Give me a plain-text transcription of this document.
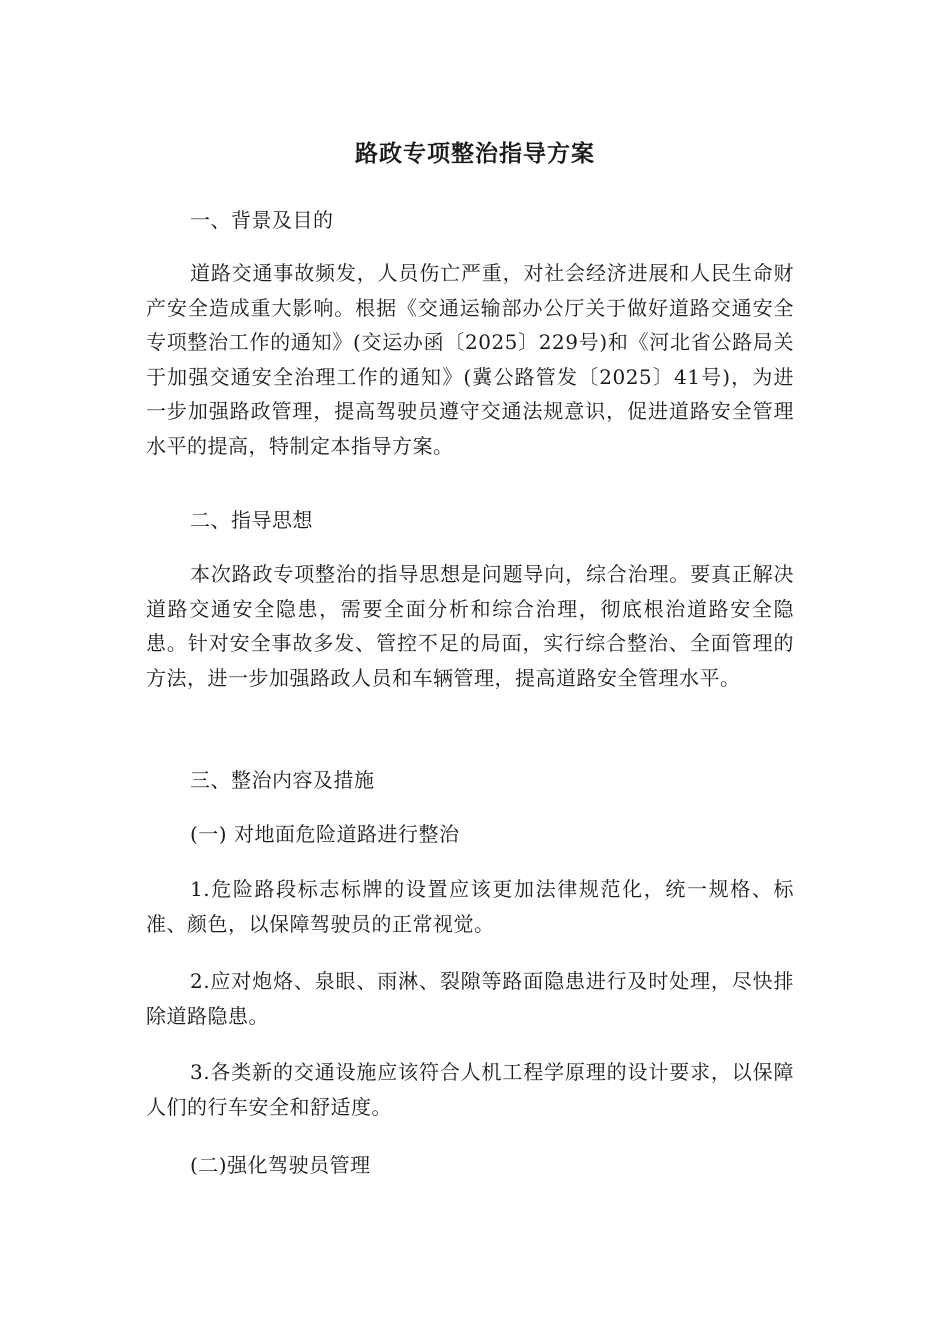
路政专项整治指导方案

一、背景及目的

道路交通事故频发，人员伤亡严重，对社会经济进展和人民生命财产安全造成重大影响。根据《交通运输部办公厅关于做好道路交通安全专项整治工作的通知》(交运办函〔2025〕229号)和《河北省公路局关于加强交通安全治理工作的通知》(冀公路管发〔2025〕41号)，为进一步加强路政管理，提高驾驶员遵守交通法规意识，促进道路安全管理水平的提高，特制定本指导方案。

二、指导思想

本次路政专项整治的指导思想是问题导向，综合治理。要真正解决道路交通安全隐患，需要全面分析和综合治理，彻底根治道路安全隐患。针对安全事故多发、管控不足的局面，实行综合整治、全面管理的方法，进一步加强路政人员和车辆管理，提高道路安全管理水平。

三、整治内容及措施

(一) 对地面危险道路进行整治

1.危险路段标志标牌的设置应该更加法律规范化，统一规格、标准、颜色，以保障驾驶员的正常视觉。

2.应对炮烙、泉眼、雨淋、裂隙等路面隐患进行及时处理，尽快排除道路隐患。

3.各类新的交通设施应该符合人机工程学原理的设计要求，以保障人们的行车安全和舒适度。

(二)强化驾驶员管理
